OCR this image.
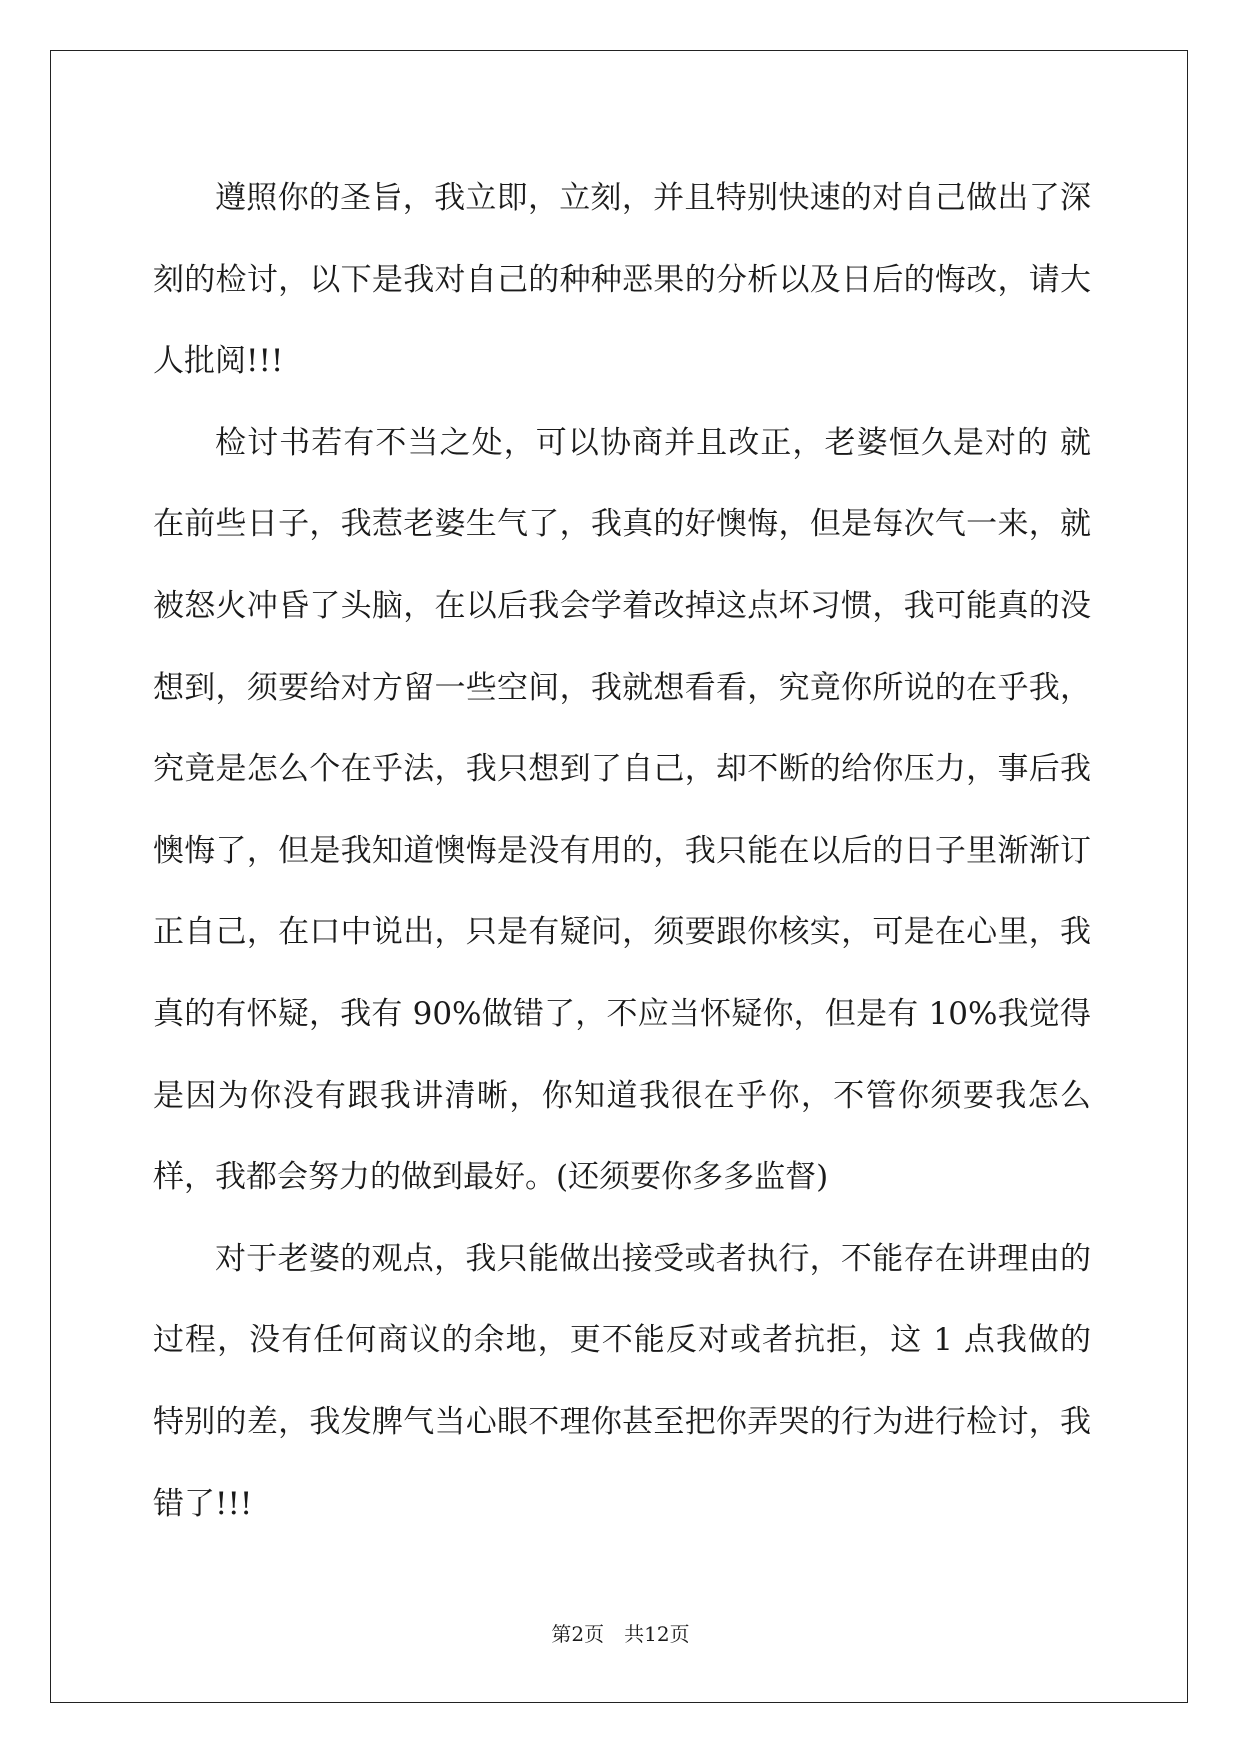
遵照你的圣旨，我立即，立刻，并且特别快速的对自己做出了深刻的检讨，以下是我对自己的种种恶果的分析以及日后的悔改，请大人批阅!!!

检讨书若有不当之处，可以协商并且改正，老婆恒久是对的 就在前些日子，我惹老婆生气了，我真的好懊悔，但是每次气一来，就被怒火冲昏了头脑，在以后我会学着改掉这点坏习惯，我可能真的没想到，须要给对方留一些空间，我就想看看，究竟你所说的在乎我，究竟是怎么个在乎法，我只想到了自己，却不断的给你压力，事后我懊悔了，但是我知道懊悔是没有用的，我只能在以后的日子里渐渐订正自己，在口中说出，只是有疑问，须要跟你核实，可是在心里，我真的有怀疑，我有 90%做错了，不应当怀疑你，但是有 10%我觉得是因为你没有跟我讲清晰，你知道我很在乎你，不管你须要我怎么样，我都会努力的做到最好。(还须要你多多监督)

对于老婆的观点，我只能做出接受或者执行，不能存在讲理由的过程，没有任何商议的余地，更不能反对或者抗拒，这 1 点我做的特别的差，我发脾气当心眼不理你甚至把你弄哭的行为进行检讨，我错了!!!

第2页　共12页
